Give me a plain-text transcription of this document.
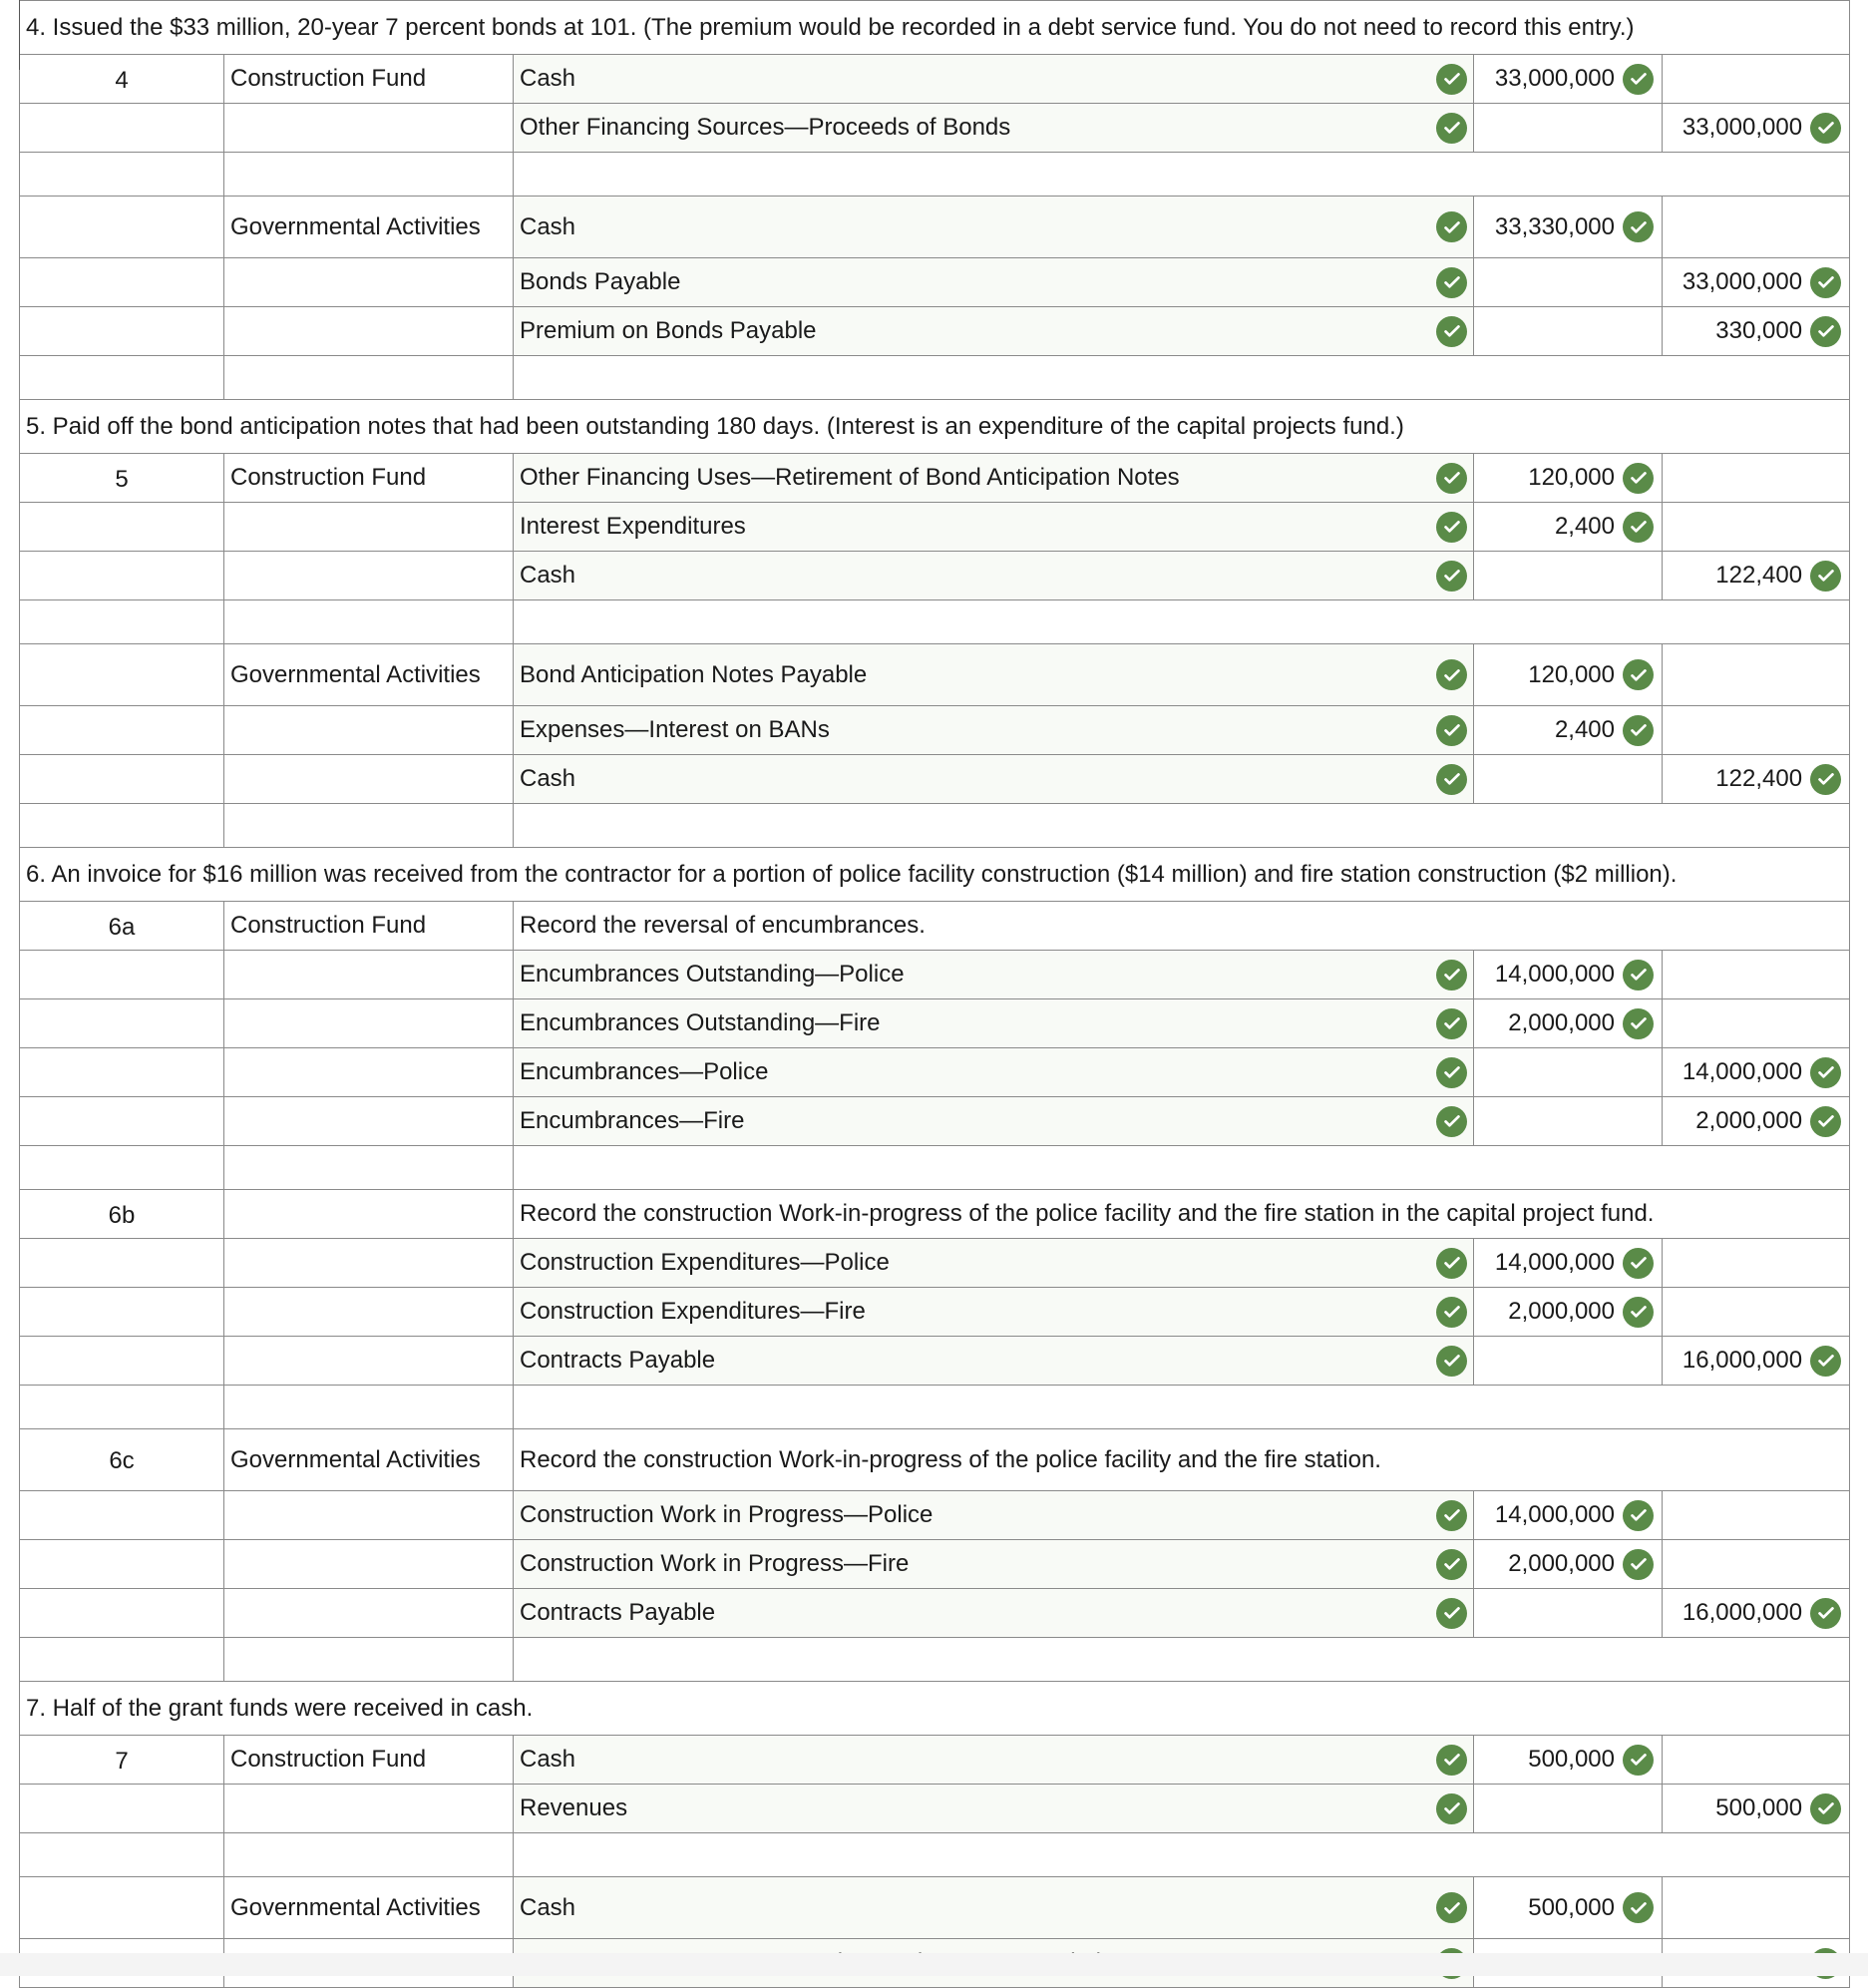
4. Issued the $33 million, 20-year 7 percent bonds at 101. (The premium would be recorded in a debt service fund. You do not need to record this entry.)				
4	Construction Fund	Cash	33,000,000	

		Other Financing Sources—Proceeds of Bonds		33,000,000

	Governmental Activities	Cash	33,330,000	

		Bonds Payable		33,000,000

		Premium on Bonds Payable		330,000

5. Paid off the bond anticipation notes that had been outstanding 180 days. (Interest is an expenditure of the capital projects fund.)				
5	Construction Fund	Other Financing Uses—Retirement of Bond Anticipation Notes	120,000	

		Interest Expenditures	2,400	

		Cash		122,400

	Governmental Activities	Bond Anticipation Notes Payable	120,000	

		Expenses—Interest on BANs	2,400	

		Cash		122,400

6. An invoice for $16 million was received from the contractor for a portion of police facility construction ($14 million) and fire station construction ($2 million).				
6a	Construction Fund	Record the reversal of encumbrances.		

		Encumbrances Outstanding—Police	14,000,000	

		Encumbrances Outstanding—Fire	2,000,000	

		Encumbrances—Police		14,000,000

		Encumbrances—Fire		2,000,000

6b		Record the construction Work-in-progress of the police facility and the fire station in the capital project fund.		

		Construction Expenditures—Police	14,000,000	

		Construction Expenditures—Fire	2,000,000	

		Contracts Payable		16,000,000

6c	Governmental Activities	Record the construction Work-in-progress of the police facility and the fire station.		

		Construction Work in Progress—Police	14,000,000	

		Construction Work in Progress—Fire	2,000,000	

		Contracts Payable		16,000,000

7. Half of the grant funds were received in cash.				
7	Construction Fund	Cash	500,000	

		Revenues		500,000

	Governmental Activities	Cash	500,000	
